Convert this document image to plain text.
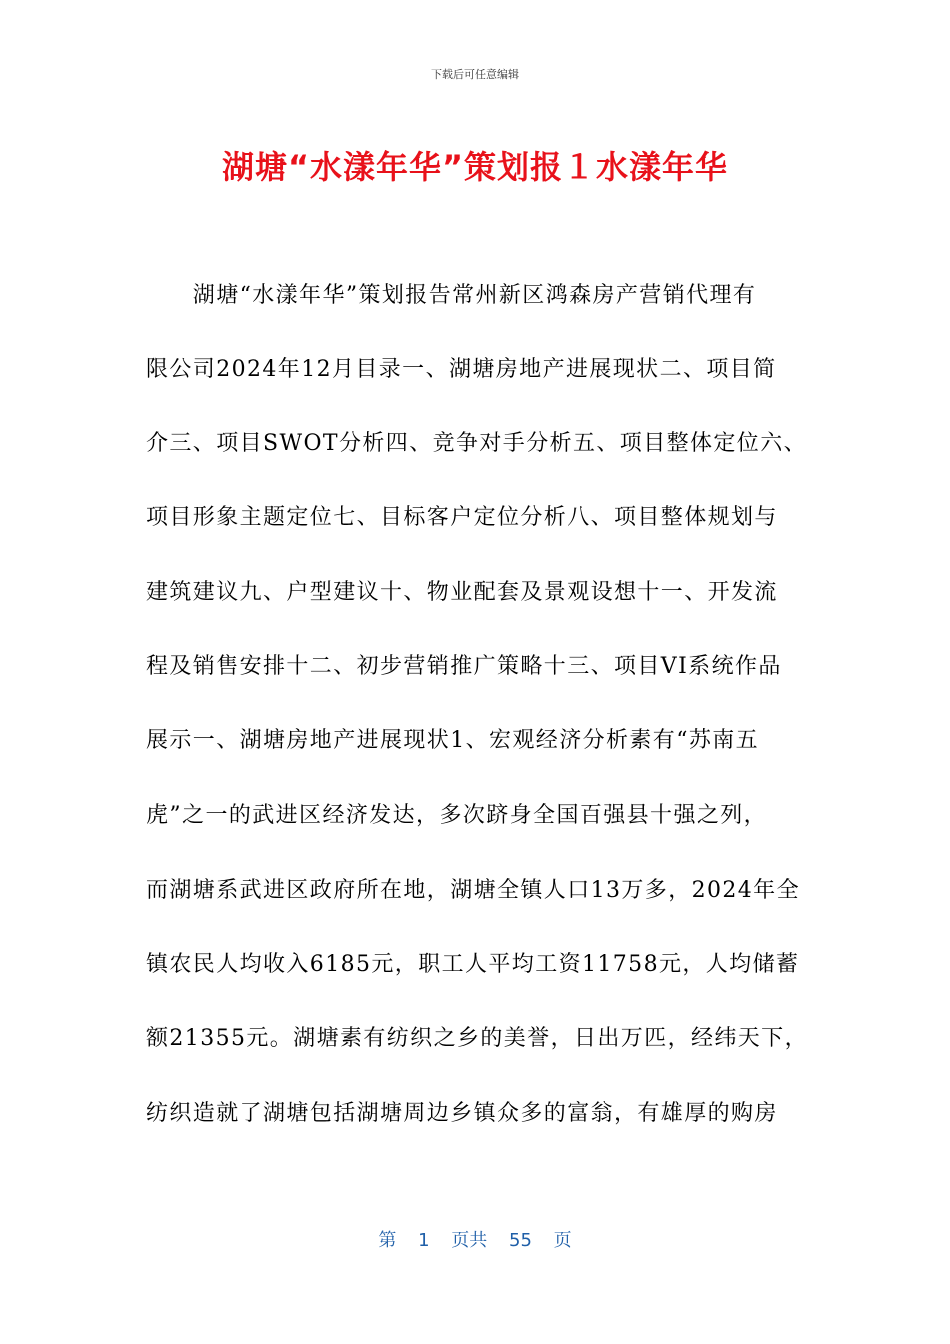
下载后可任意编辑
湖塘“水漾年华”策划报１水漾年华
　　湖塘“水漾年华”策划报告常州新区鸿森房产营销代理有
限公司2024年12月目录一、湖塘房地产进展现状二、项目简
介三、项目SWOT分析四、竞争对手分析五、项目整体定位六、
项目形象主题定位七、目标客户定位分析八、项目整体规划与
建筑建议九、户型建议十、物业配套及景观设想十一、开发流
程及销售安排十二、初步营销推广策略十三、项目VI系统作品
展示一、湖塘房地产进展现状1、宏观经济分析素有“苏南五
虎”之一的武进区经济发达，多次跻身全国百强县十强之列，
而湖塘系武进区政府所在地，湖塘全镇人口13万多，2024年全
镇农民人均收入6185元，职工人平均工资11758元，人均储蓄
额21355元。湖塘素有纺织之乡的美誉，日出万匹，经纬天下，
纺织造就了湖塘包括湖塘周边乡镇众多的富翁，有雄厚的购房
第 1 页共 55 页
